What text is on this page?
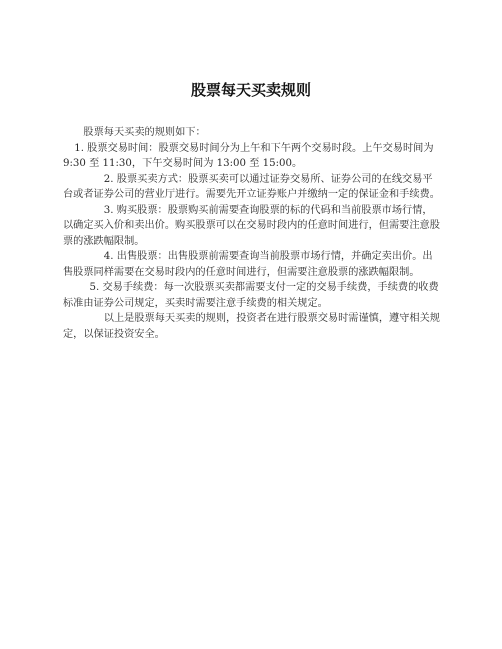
股票每天买卖规则

股票每天买卖的规则如下：

1. 股票交易时间：股票交易时间分为上午和下午两个交易时段。上午交易时间为 9:30 至 11:30，下午交易时间为 13:00 至 15:00。

2. 股票买卖方式：股票买卖可以通过证券交易所、证券公司的在线交易平台或者证券公司的营业厅进行。需要先开立证券账户并缴纳一定的保证金和手续费。

3. 购买股票：股票购买前需要查询股票的标的代码和当前股票市场行情，以确定买入价和卖出价。购买股票可以在交易时段内的任意时间进行，但需要注意股票的涨跌幅限制。

4. 出售股票：出售股票前需要查询当前股票市场行情，并确定卖出价。出售股票同样需要在交易时段内的任意时间进行，但需要注意股票的涨跌幅限制。

5. 交易手续费：每一次股票买卖都需要支付一定的交易手续费，手续费的收费标准由证券公司规定，买卖时需要注意手续费的相关规定。

以上是股票每天买卖的规则，投资者在进行股票交易时需谨慎，遵守相关规定，以保证投资安全。
